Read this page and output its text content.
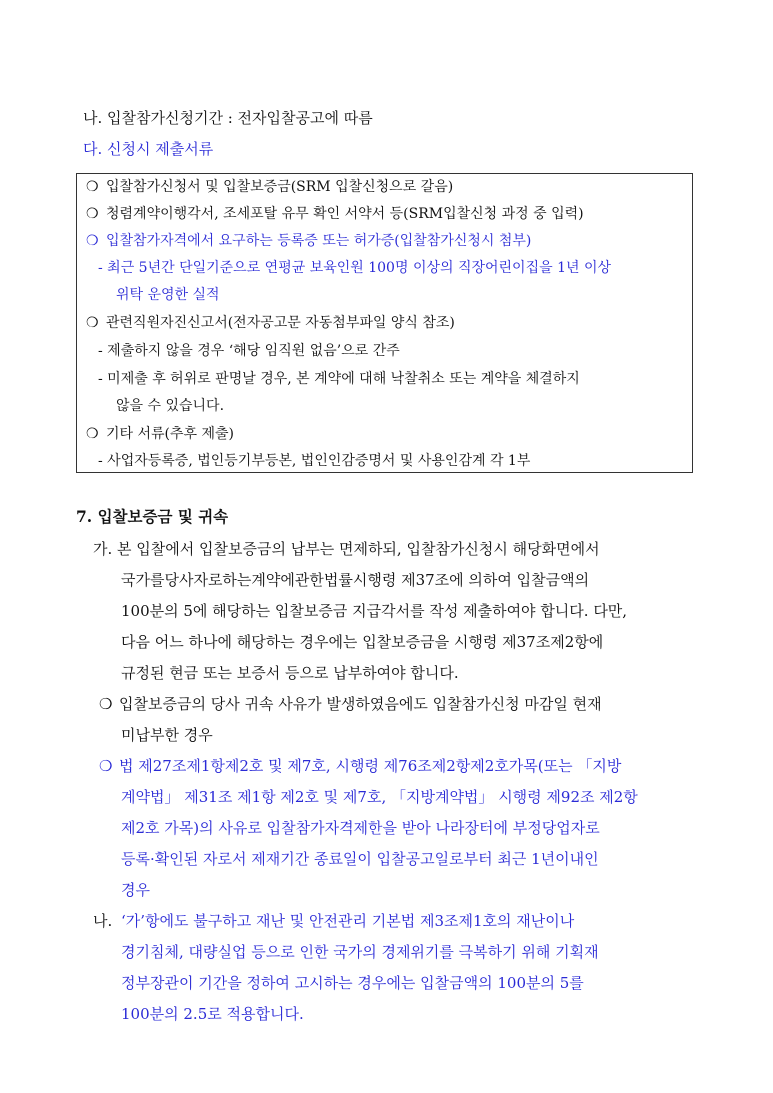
나. 입찰참가신청기간 : 전자입찰공고에 따름
다. 신청시 제출서류
❍ 입찰참가신청서 및 입찰보증금(SRM 입찰신청으로 갈음)
❍ 청렴계약이행각서, 조세포탈 유무 확인 서약서 등(SRM입찰신청 과정 중 입력)
❍ 입찰참가자격에서 요구하는 등록증 또는 허가증(입찰참가신청시 첨부)
- 최근 5년간 단일기준으로 연평균 보육인원 100명 이상의 직장어린이집을 1년 이상
위탁 운영한 실적
❍ 관련직원자진신고서(전자공고문 자동첨부파일 양식 참조)
- 제출하지 않을 경우 ‘해당 임직원 없음’으로 간주
- 미제출 후 허위로 판명날 경우, 본 계약에 대해 낙찰취소 또는 계약을 체결하지
않을 수 있습니다.
❍ 기타 서류(추후 제출)
- 사업자등록증, 법인등기부등본, 법인인감증명서 및 사용인감계 각 1부
7. 입찰보증금 및 귀속
가. 본 입찰에서 입찰보증금의 납부는 면제하되, 입찰참가신청시 해당화면에서
국가를당사자로하는계약에관한법률시행령 제37조에 의하여 입찰금액의
100분의 5에 해당하는 입찰보증금 지급각서를 작성 제출하여야 합니다. 다만,
다음 어느 하나에 해당하는 경우에는 입찰보증금을 시행령 제37조제2항에
규정된 현금 또는 보증서 등으로 납부하여야 합니다.
❍ 입찰보증금의 당사 귀속 사유가 발생하였음에도 입찰참가신청 마감일 현재
미납부한 경우
❍ 법 제27조제1항제2호 및 제7호, 시행령 제76조제2항제2호가목(또는 「지방
계약법」 제31조 제1항 제2호 및 제7호, 「지방계약법」 시행령 제92조 제2항
제2호 가목)의 사유로 입찰참가자격제한을 받아 나라장터에 부정당업자로
등록·확인된 자로서 제재기간 종료일이 입찰공고일로부터 최근 1년이내인
경우
나. ‘가’항에도 불구하고 재난 및 안전관리 기본법 제3조제1호의 재난이나
경기침체, 대량실업 등으로 인한 국가의 경제위기를 극복하기 위해 기획재
정부장관이 기간을 정하여 고시하는 경우에는 입찰금액의 100분의 5를
100분의 2.5로 적용합니다.
